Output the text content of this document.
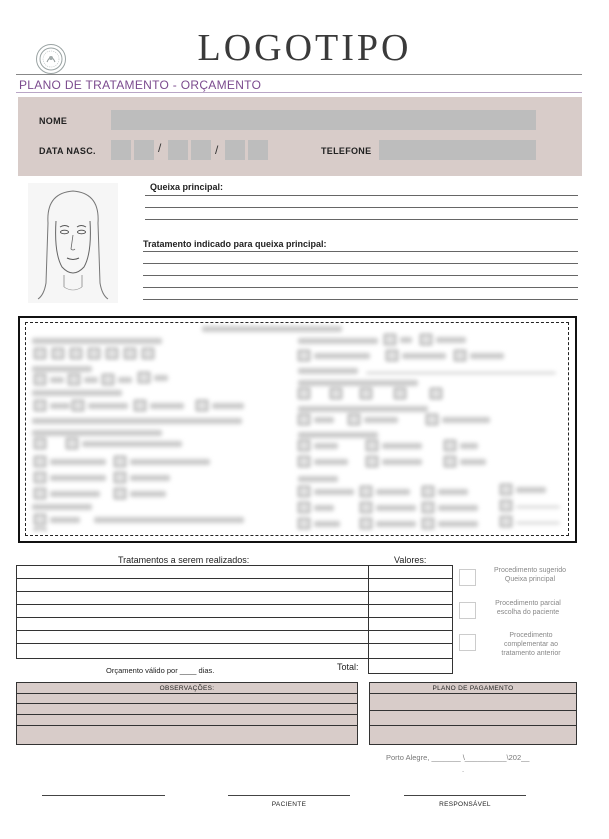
LOGOTIPO
PLANO DE TRATAMENTO - ORÇAMENTO
NOME
DATA NASC.	/	/	TELEFONE
Queixa principal:
Tratamento indicado para queixa principal:
Tratamentos a serem realizados:	Valores:
Orçamento válido por ____ dias.	Total:
Procedimento sugerido
Queixa principal
Procedimento parcial
escolha do paciente
Procedimento
complementar ao
tratamento anterior
OBSERVAÇÕES:	PLANO DE PAGAMENTO
Porto Alegre, _______ \__________\202__
.
PACIENTE	RESPONSÁVEL
